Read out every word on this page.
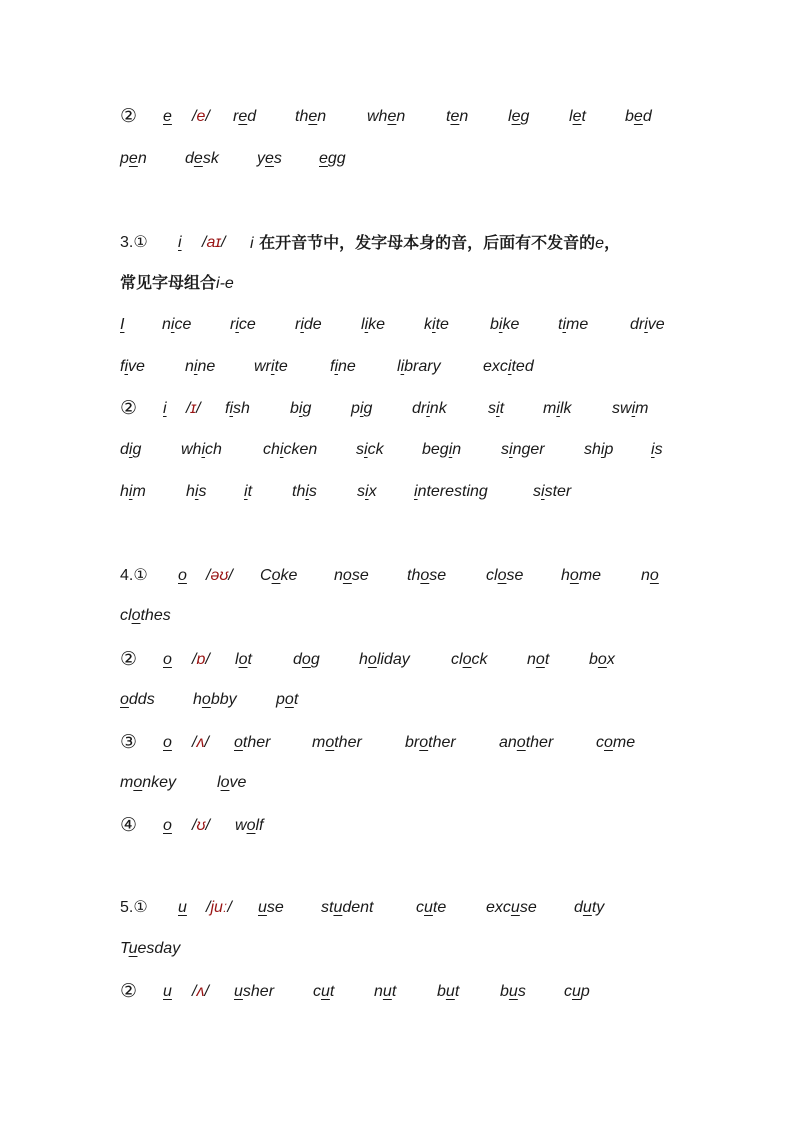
② e /e/ red then	when	ten leg let bed
pen desk yes egg
3.① i /aɪ/ i 在开音节中，发字母本身的音，后面有不发音的e，
常见字母组合i-e
I nice rice ride like kite	bike time	drive
five	nine write	fine	library	excited
② i /ɪ/ fish	big pig drink	sit milk	swim
dig which	chicken sick begin singer ship is
him	his it this	six interesting	sister
4.① o /əʊ/ Coke nose those close home no
clothes
② o /ɒ/ lot	dog holiday	clock not box
odds hobby pot
③ o /ʌ/ other	mother	brother	another	come
monkey	love
④ o /ʊ/ wolf
5.① u /juː/ use student	cute excuse duty
Tuesday
② u /ʌ/ usher cut nut	but	bus cup
